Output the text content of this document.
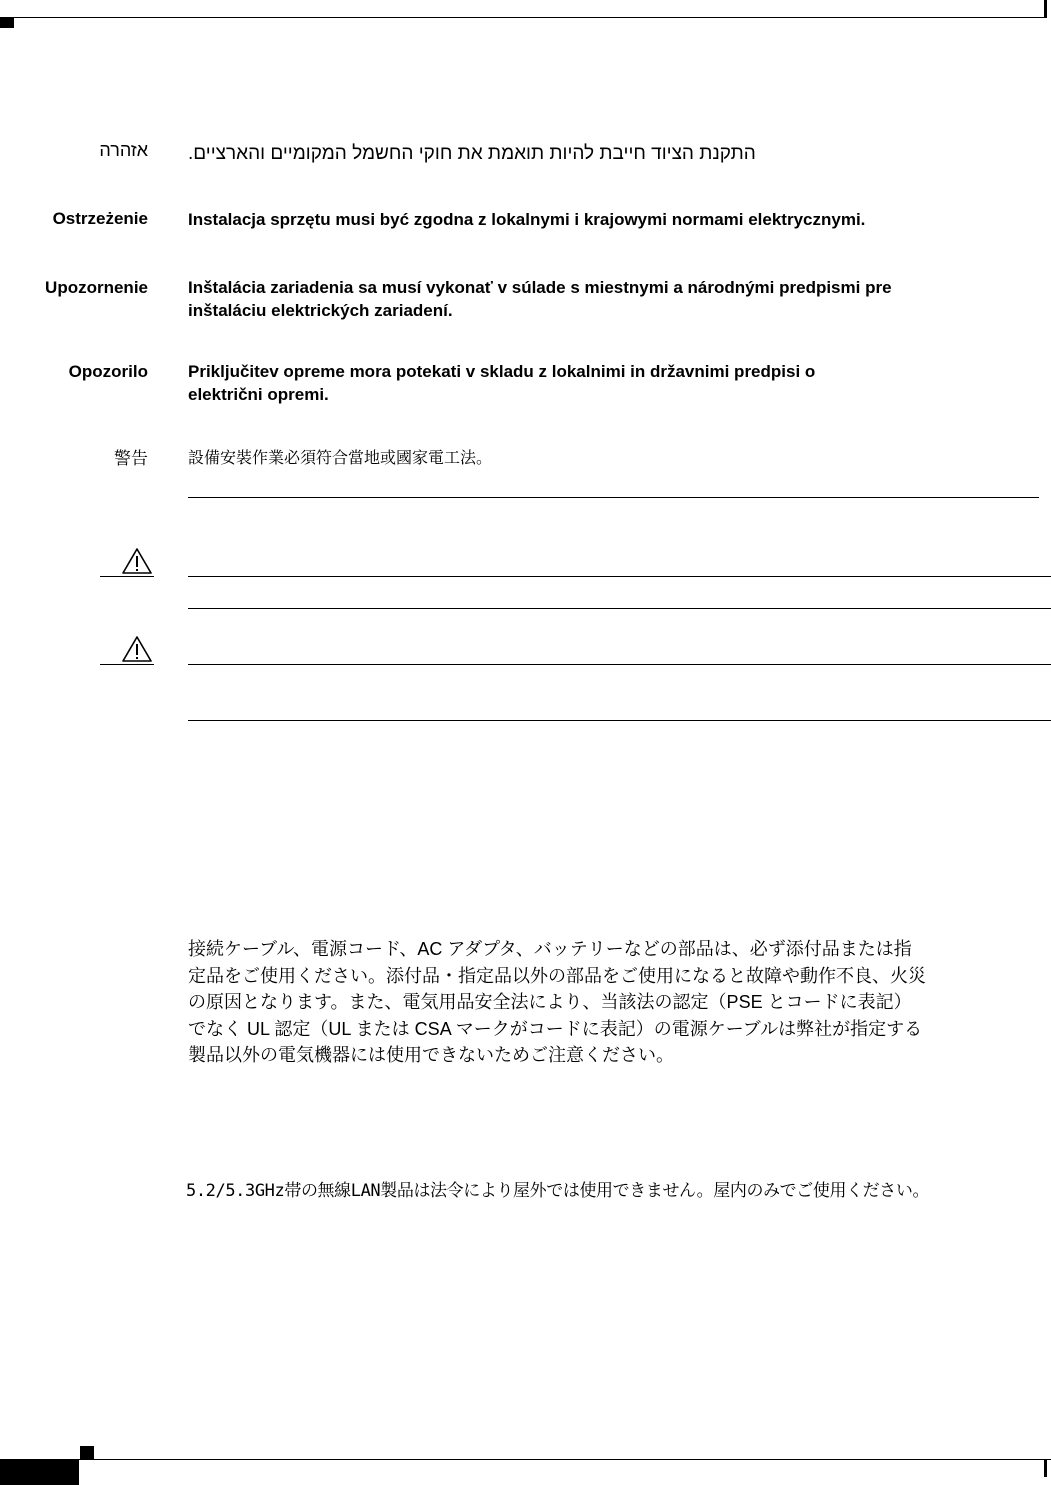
אזהרה התקנת הציוד חייבת להיות תואמת את חוקי החשמל המקומיים והארציים.
Ostrzeżenie Instalacja sprzętu musi być zgodna z lokalnymi i krajowymi normami elektrycznymi.
Upozornenie Inštalácia zariadenia sa musí vykonať v súlade s miestnymi a národnými predpismi pre
inštaláciu elektrických zariadení.
Opozorilo Priključitev opreme mora potekati v skladu z lokalnimi in državnimi predpisi o
električni opremi.
警告	設備安裝作業必須符合當地或國家電工法。
接続ケーブル、電源コード、AC アダプタ、バッテリーなどの部品は、必ず添付品または指
定品をご使用ください。添付品・指定品以外の部品をご使用になると故障や動作不良、火災
の原因となります。また、電気用品安全法により、当該法の認定（PSE とコードに表記）
でなく UL 認定（UL または CSA マークがコードに表記）の電源ケーブルは弊社が指定する
製品以外の電気機器には使用できないためご注意ください。
5.2/5.3GHz帯の無線LAN製品は法令により屋外では使用できません。屋内のみでご使用ください。
